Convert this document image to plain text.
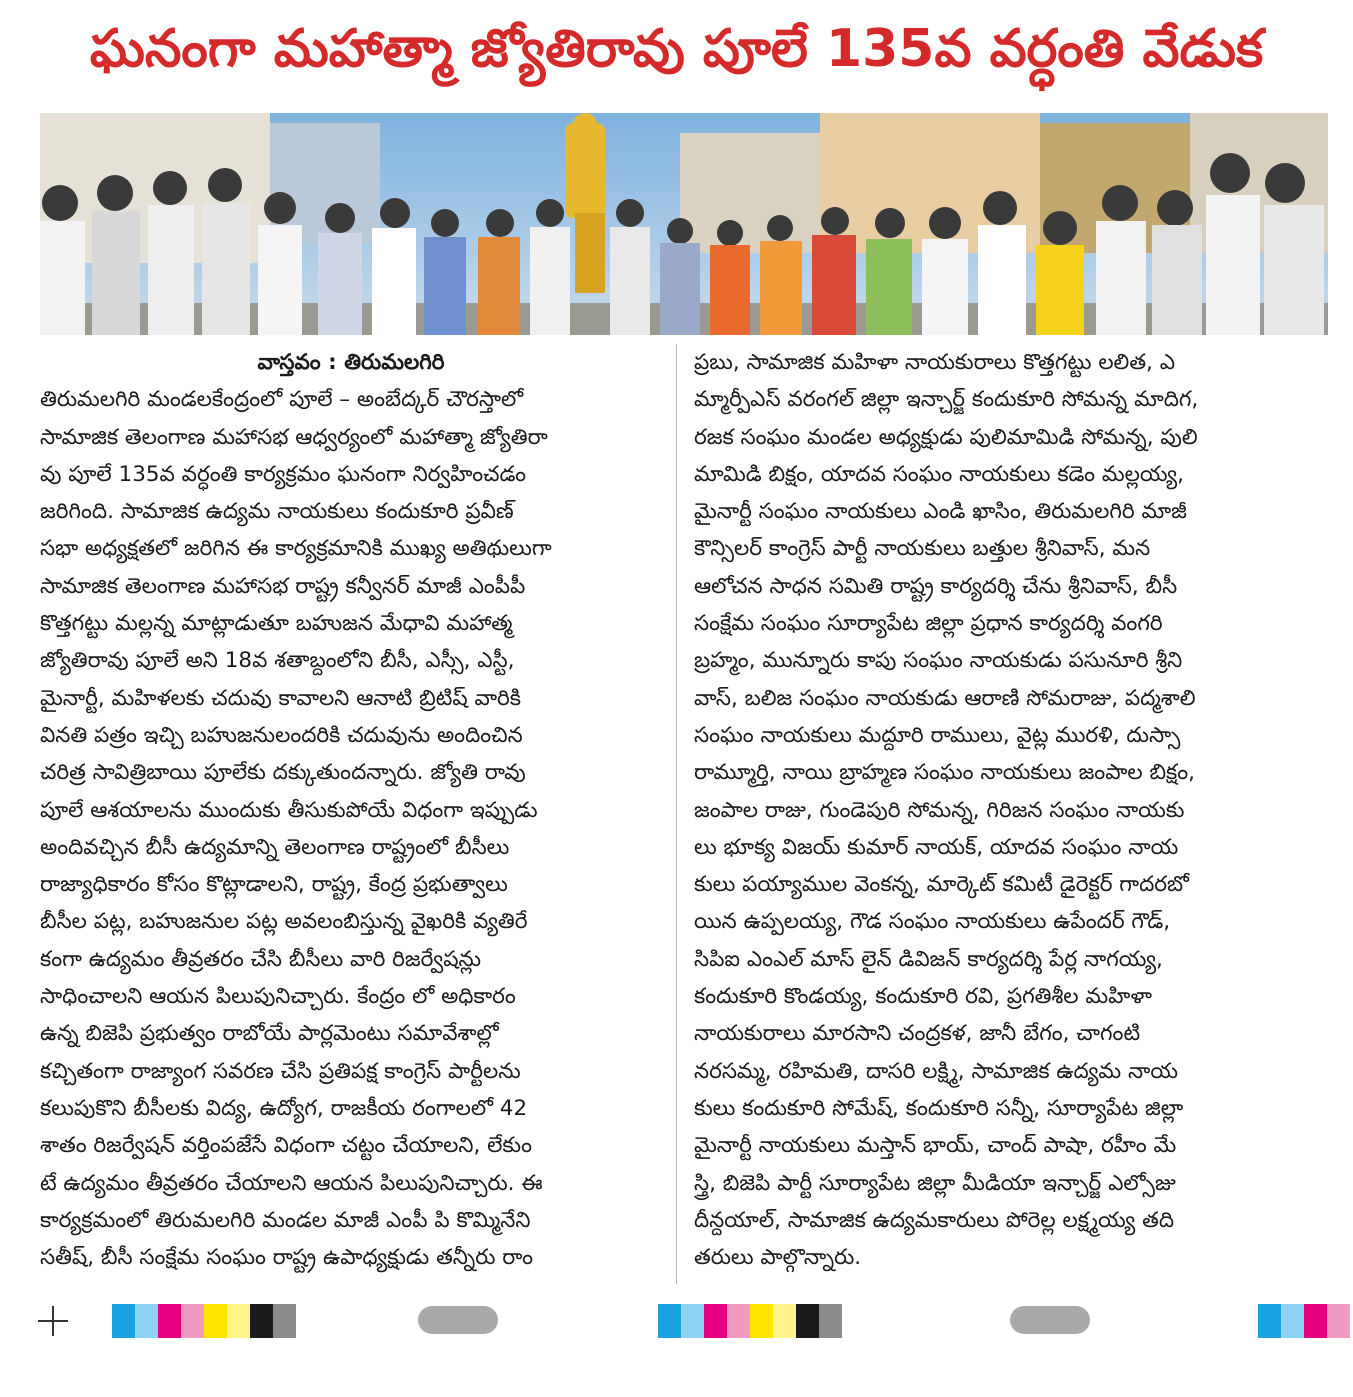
ఘనంగా మహాత్మా జ్యోతిరావు పూలే 135వ వర్ధంతి వేడుక
వాస్తవం : తిరుమలగిరి
తిరుమలగిరి మండలకేంద్రంలో పూలే – అంబేద్కర్ చౌరస్తాలో
సామాజిక తెలంగాణ మహాసభ ఆధ్వర్యంలో మహాత్మా జ్యోతిరా
వు పూలే 135వ వర్ధంతి కార్యక్రమం ఘనంగా నిర్వహించడం
జరిగింది. సామాజిక ఉద్యమ నాయకులు కందుకూరి ప్రవీణ్
సభా అధ్యక్షతలో జరిగిన ఈ కార్యక్రమానికి ముఖ్య అతిథులుగా
సామాజిక తెలంగాణ మహాసభ రాష్ట్ర కన్వీనర్ మాజీ ఎంపీపీ
కొత్తగట్టు మల్లన్న మాట్లాడుతూ బహుజన మేధావి మహాత్మ
జ్యోతిరావు పూలే అని 18వ శతాబ్దంలోని బీసీ, ఎస్సీ, ఎస్టీ,
మైనార్టీ, మహిళలకు చదువు కావాలని ఆనాటి బ్రిటిష్ వారికి
వినతి పత్రం ఇచ్చి బహుజనులందరికి చదువును అందించిన
చరిత్ర సావిత్రిబాయి పూలేకు దక్కుతుందన్నారు. జ్యోతి రావు
పూలే ఆశయాలను ముందుకు తీసుకుపోయే విధంగా ఇప్పుడు
అందివచ్చిన బీసీ ఉద్యమాన్ని తెలంగాణ రాష్ట్రంలో బీసీలు
రాజ్యాధికారం కోసం కొట్లాడాలని, రాష్ట్ర, కేంద్ర ప్రభుత్వాలు
బీసీల పట్ల, బహుజనుల పట్ల అవలంబిస్తున్న వైఖరికి వ్యతిరే
కంగా ఉద్యమం తీవ్రతరం చేసి బీసీలు వారి రిజర్వేషన్లు
సాధించాలని ఆయన పిలుపునిచ్చారు. కేంద్రం లో అధికారం
ఉన్న బిజెపి ప్రభుత్వం రాబోయే పార్లమెంటు సమావేశాల్లో
కచ్చితంగా రాజ్యాంగ సవరణ చేసి ప్రతిపక్ష కాంగ్రెస్ పార్టీలను
కలుపుకొని బీసీలకు విద్య, ఉద్యోగ, రాజకీయ రంగాలలో 42
శాతం రిజర్వేషన్ వర్తింపజేసే విధంగా చట్టం చేయాలని, లేకుం
టే ఉద్యమం తీవ్రతరం చేయాలని ఆయన పిలుపునిచ్చారు. ఈ
కార్యక్రమంలో తిరుమలగిరి మండల మాజీ ఎంపీ పి కొమ్మినేని
సతీష్, బీసీ సంక్షేమ సంఘం రాష్ట్ర ఉపాధ్యక్షుడు తన్నీరు రాం
ప్రబు, సామాజిక మహిళా నాయకురాలు కొత్తగట్టు లలిత, ఎ
మ్మార్పీఎస్ వరంగల్ జిల్లా ఇన్చార్జ్ కందుకూరి సోమన్న మాదిగ,
రజక సంఘం మండల అధ్యక్షుడు పులిమామిడి సోమన్న, పులి
మామిడి బిక్షం, యాదవ సంఘం నాయకులు కడెం మల్లయ్య,
మైనార్టీ సంఘం నాయకులు ఎండి ఖాసిం, తిరుమలగిరి మాజీ
కౌన్సిలర్ కాంగ్రెస్ పార్టీ నాయకులు బత్తుల శ్రీనివాస్, మన
ఆలోచన సాధన సమితి రాష్ట్ర కార్యదర్శి చేను శ్రీనివాస్, బీసీ
సంక్షేమ సంఘం సూర్యాపేట జిల్లా ప్రధాన కార్యదర్శి వంగరి
బ్రహ్మం, మున్నూరు కాపు సంఘం నాయకుడు పసునూరి శ్రీని
వాస్, బలిజ సంఘం నాయకుడు ఆరాణి సోమరాజు, పద్మశాలి
సంఘం నాయకులు మద్దూరి రాములు, వైట్ల మురళి, దుస్సా
రామ్మూర్తి, నాయి బ్రాహ్మణ సంఘం నాయకులు జంపాల బిక్షం,
జంపాల రాజు, గుండెపురి సోమన్న, గిరిజన సంఘం నాయకు
లు భూక్య విజయ్ కుమార్ నాయక్, యాదవ సంఘం నాయ
కులు పయ్యాముల వెంకన్న, మార్కెట్ కమిటీ డైరెక్టర్ గాదరబో
యిన ఉప్పలయ్య, గౌడ సంఘం నాయకులు ఉపేందర్ గౌడ్,
సిపిఐ ఎంఎల్ మాస్ లైన్ డివిజన్ కార్యదర్శి పేర్ల నాగయ్య,
కందుకూరి కొండయ్య, కందుకూరి రవి, ప్రగతిశీల మహిళా
నాయకురాలు మారసాని చంద్రకళ, జానీ బేగం, చాగంటి
నరసమ్మ, రహిమతి, దాసరి లక్ష్మి, సామాజిక ఉద్యమ నాయ
కులు కందుకూరి సోమేష్, కందుకూరి సన్నీ, సూర్యాపేట జిల్లా
మైనార్టీ నాయకులు మస్తాన్ భాయ్, చాంద్ పాషా, రహీం మే
స్త్రి, బిజెపి పార్టీ సూర్యాపేట జిల్లా మీడియా ఇన్చార్జ్ ఎల్సోజు
దీన్దయాల్, సామాజిక ఉద్యమకారులు పోరెల్ల లక్ష్మయ్య తది
తరులు పాల్గొన్నారు.
